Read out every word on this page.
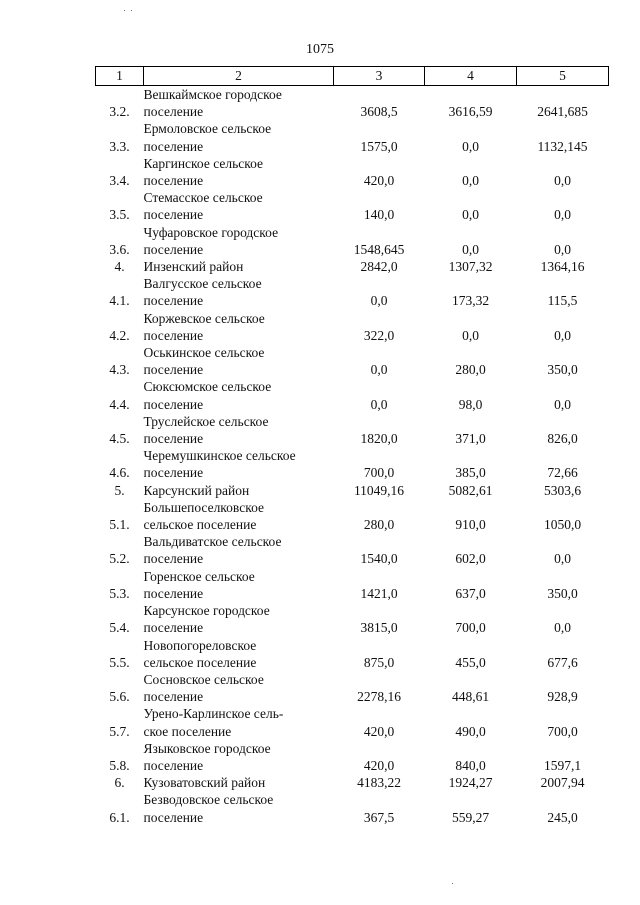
1075
1	2	3	4	5
3.2.	Вешкаймское городское
поселение	3608,5	3616,59	2641,685
3.3.	Ермоловское сельское
поселение	1575,0	0,0	1132,145
3.4.	Каргинское сельское
поселение	420,0	0,0	0,0
3.5.	Стемасское сельское
поселение	140,0	0,0	0,0
3.6.	Чуфаровское городское
поселение	1548,645	0,0	0,0
4.	Инзенский район	2842,0	1307,32	1364,16
4.1.	Валгусское сельское
поселение	0,0	173,32	115,5
4.2.	Коржевское сельское
поселение	322,0	0,0	0,0
4.3.	Оськинское сельское
поселение	0,0	280,0	350,0
4.4.	Сюксюмское сельское
поселение	0,0	98,0	0,0
4.5.	Труслейское сельское
поселение	1820,0	371,0	826,0
4.6.	Черемушкинское сельское
поселение	700,0	385,0	72,66
5.	Карсунский район	11049,16	5082,61	5303,6
5.1.	Большепоселковское
сельское поселение	280,0	910,0	1050,0
5.2.	Вальдиватское сельское
поселение	1540,0	602,0	0,0
5.3.	Горенское сельское
поселение	1421,0	637,0	350,0
5.4.	Карсунское городское
поселение	3815,0	700,0	0,0
5.5.	Новопогореловское
сельское поселение	875,0	455,0	677,6
5.6.	Сосновское сельское
поселение	2278,16	448,61	928,9
5.7.	Урено-Карлинское сель-
ское поселение	420,0	490,0	700,0
5.8.	Языковское городское
поселение	420,0	840,0	1597,1
6.	Кузоватовский район	4183,22	1924,27	2007,94
6.1.	Безводовское сельское
поселение	367,5	559,27	245,0
